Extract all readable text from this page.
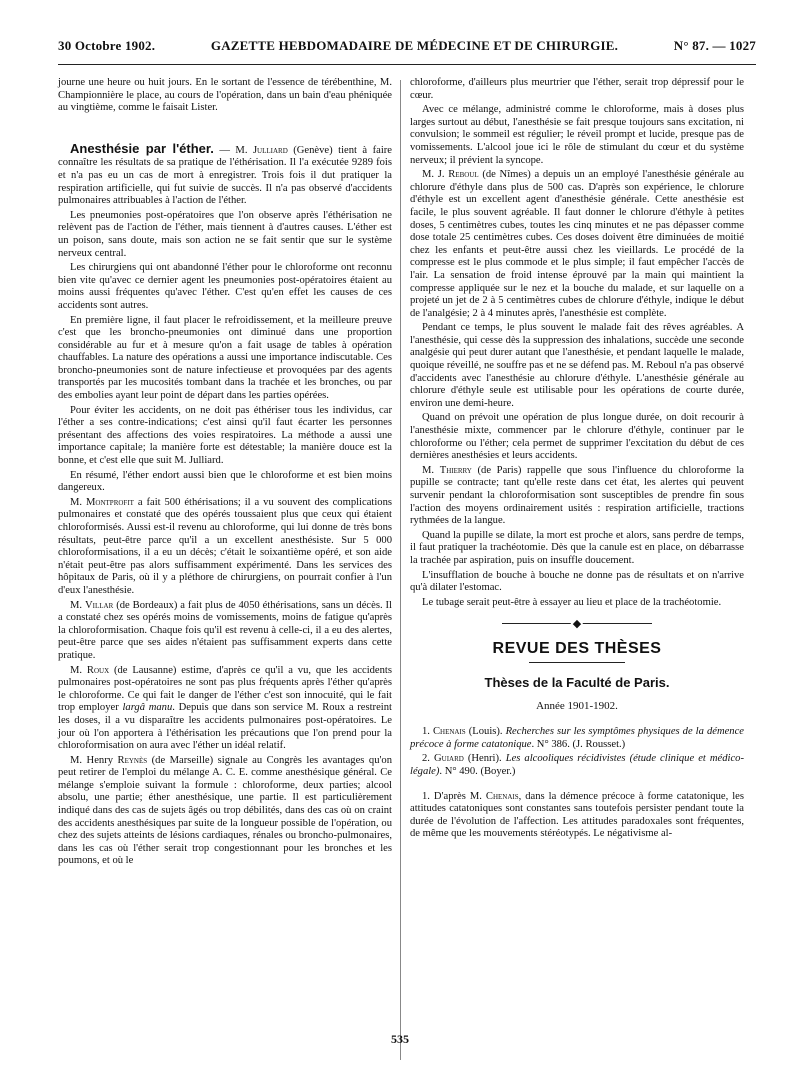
30 Octobre 1902.	GAZETTE HEBDOMADAIRE DE MÉDECINE ET DE CHIRURGIE.	N° 87. — 1027

journe une heure ou huit jours. En le sortant de l'essence de térébenthine, M. Championnière le place, au cours de l'opération, dans un bain d'eau phéniquée au vingtième, comme le faisait Lister.

Anesthésie par l'éther. — M. Julliard (Genève) tient à faire connaître les résultats de sa pratique de l'éthérisation. Il l'a exécutée 9289 fois et n'a pas eu un cas de mort à enregistrer. Trois fois il dut pratiquer la respiration artificielle, qui fut suivie de succès. Il n'a pas observé d'accidents pulmonaires attribuables à l'action de l'éther.

Les pneumonies post-opératoires que l'on observe après l'éthérisation ne relèvent pas de l'action de l'éther, mais tiennent à d'autres causes. L'éther est un poison, sans doute, mais son action ne se fait sentir que sur le système nerveux central.

Les chirurgiens qui ont abandonné l'éther pour le chloroforme ont reconnu bien vite qu'avec ce dernier agent les pneumonies post-opératoires étaient au moins aussi fréquentes qu'avec l'éther. C'est qu'en effet les causes de ces accidents sont autres.

En première ligne, il faut placer le refroidissement, et la meilleure preuve c'est que les broncho-pneumonies ont diminué dans une proportion considérable au fur et à mesure qu'on a fait usage de tables à opération chauffables. La nature des opérations a aussi une importance indiscutable. Ces broncho-pneumonies sont de nature infectieuse et provoquées par des agents transportés par les mucosités tombant dans la trachée et les bronches, ou par des embolies ayant leur point de départ dans les parties opérées.

Pour éviter les accidents, on ne doit pas éthériser tous les individus, car l'éther a ses contre-indications; c'est ainsi qu'il faut écarter les personnes présentant des affections des voies respiratoires. La méthode a aussi une importance capitale; la manière forte est détestable; la manière douce est la bonne, et c'est elle que suit M. Julliard.

En résumé, l'éther endort aussi bien que le chloroforme et est bien moins dangereux.

M. Montprofit a fait 500 éthérisations; il a vu souvent des complications pulmonaires et constaté que des opérés toussaient plus que ceux qui étaient chloroformisés. Aussi est-il revenu au chloroforme, qui lui donne de très bons résultats, peut-être parce qu'il a un excellent anesthésiste. Sur 5 000 chloroformisations, il a eu un décès; c'était le soixantième opéré, et son aide n'était peut-être pas alors suffisamment expérimenté. Dans les services des hôpitaux de Paris, où il y a pléthore de chirurgiens, on pourrait confier à l'un d'eux l'anesthésie.

M. Villar (de Bordeaux) a fait plus de 4050 éthérisations, sans un décès. Il a constaté chez ses opérés moins de vomissements, moins de fatigue qu'après la chloroformisation. Chaque fois qu'il est revenu à celle-ci, il a eu des alertes, peut-être parce que ses aides n'étaient pas suffisamment experts dans cette pratique.

M. Roux (de Lausanne) estime, d'après ce qu'il a vu, que les accidents pulmonaires post-opératoires ne sont pas plus fréquents après l'éther qu'après le chloroforme. Ce qui fait le danger de l'éther c'est son innocuité, qui le fait trop employer largâ manu. Depuis que dans son service M. Roux a restreint les doses, il a vu disparaître les accidents pulmonaires post-opératoires. Le jour où l'on apportera à l'éthérisation les précautions que l'on prend pour la chloroformisation on aura avec l'éther un idéal relatif.

M. Henry Reynès (de Marseille) signale au Congrès les avantages qu'on peut retirer de l'emploi du mélange A. C. E. comme anesthésique général. Ce mélange s'emploie suivant la formule : chloroforme, deux parties; alcool absolu, une partie; éther anesthésique, une partie. Il est particulièrement indiqué dans des cas de sujets âgés ou trop débilités, dans des cas où on craint des accidents anesthésiques par suite de la longueur possible de l'opération, ou chez des sujets atteints de lésions cardiaques, rénales ou broncho-pulmonaires, dans les cas où l'éther serait trop congestionnant pour les bronches et les poumons, et où le

chloroforme, d'ailleurs plus meurtrier que l'éther, serait trop dépressif pour le cœur.

Avec ce mélange, administré comme le chloroforme, mais à doses plus larges surtout au début, l'anesthésie se fait presque toujours sans excitation, ni convulsion; le sommeil est régulier; le réveil prompt et lucide, presque pas de vomissements. L'alcool joue ici le rôle de stimulant du cœur et du système nerveux; il prévient la syncope.

M. J. Reboul (de Nîmes) a depuis un an employé l'anesthésie générale au chlorure d'éthyle dans plus de 500 cas. D'après son expérience, le chlorure d'éthyle est un excellent agent d'anesthésie générale. Cette anesthésie est facile, le plus souvent agréable. Il faut donner le chlorure d'éthyle à petites doses, 5 centimètres cubes, toutes les cinq minutes et ne pas dépasser comme dose totale 25 centimètres cubes. Ces doses doivent être diminuées de moitié chez les enfants et peut-être aussi chez les vieillards. Le procédé de la compresse est le plus commode et le plus simple; il faut empêcher l'accès de l'air. La sensation de froid intense éprouvé par la main qui maintient la compresse appliquée sur le nez et la bouche du malade, et sur laquelle on a projeté un jet de 2 à 5 centimètres cubes de chlorure d'éthyle, indique le début de l'analgésie; 2 à 4 minutes après, l'anesthésie est complète.

Pendant ce temps, le plus souvent le malade fait des rêves agréables. A l'anesthésie, qui cesse dès la suppression des inhalations, succède une seconde analgésie qui peut durer autant que l'anesthésie, et pendant laquelle le malade, quoique réveillé, ne souffre pas et ne se défend pas. M. Reboul n'a pas observé d'accidents avec l'anesthésie au chlorure d'éthyle. L'anesthésie générale au chlorure d'éthyle seule est utilisable pour les opérations de courte durée, environ une demi-heure.

Quand on prévoit une opération de plus longue durée, on doit recourir à l'anesthésie mixte, commencer par le chlorure d'éthyle, continuer par le chloroforme ou l'éther; cela permet de supprimer l'excitation du début de ces dernières anesthésies et leurs accidents.

M. Thierry (de Paris) rappelle que sous l'influence du chloroforme la pupille se contracte; tant qu'elle reste dans cet état, les alertes qui peuvent survenir pendant la chloroformisation sont susceptibles de prendre fin sous l'action des moyens ordinairement usités : respiration artificielle, tractions rythmées de la langue.

Quand la pupille se dilate, la mort est proche et alors, sans perdre de temps, il faut pratiquer la trachéotomie. Dès que la canule est en place, on débarrasse la trachée par aspiration, puis on insuffle doucement.

L'insufflation de bouche à bouche ne donne pas de résultats et on n'arrive qu'à dilater l'estomac.

Le tubage serait peut-être à essayer au lieu et place de la trachéotomie.

◆
REVUE DES THÈSES
Thèses de la Faculté de Paris.
Année 1901-1902.

1. Chenais (Louis). Recherches sur les symptômes physiques de la démence précoce à forme catatonique. N° 386. (J. Rousset.)

2. Guiard (Henri). Les alcooliques récidivistes (étude clinique et médico-légale). N° 490. (Boyer.)

1. D'après M. Chenais, dans la démence précoce à forme catatonique, les attitudes catatoniques sont constantes sans toutefois persister pendant toute la durée de l'évolution de l'affection. Les attitudes paradoxales sont fréquentes, de même que les mouvements stéréotypés. Le négativisme al-

535
